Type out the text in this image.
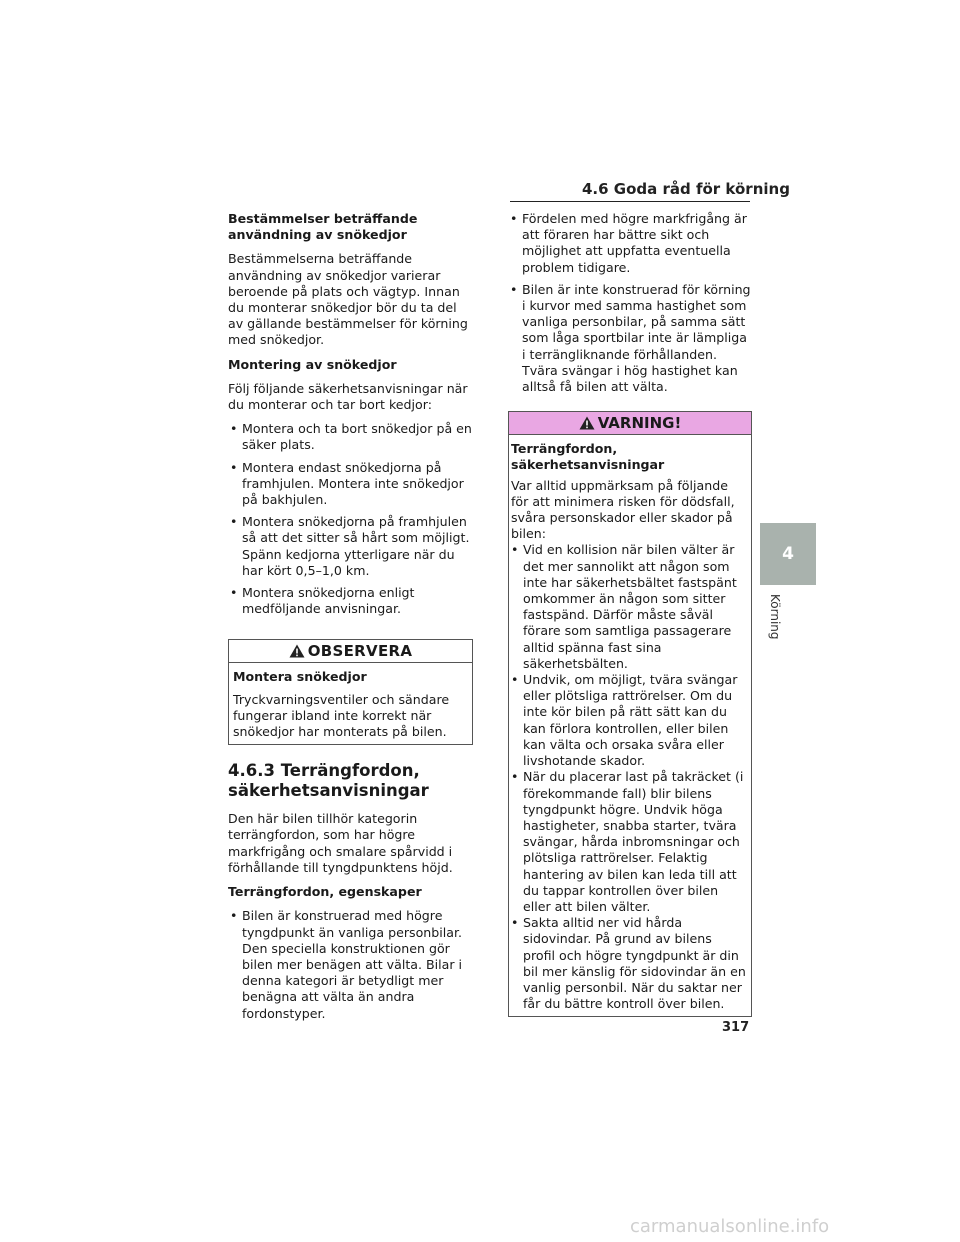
4.6 Goda råd för körning
Bestämmelser beträffande användning av snökedjor
Bestämmelserna beträffande användning av snökedjor varierar beroende på plats och vägtyp. Innan du monterar snökedjor bör du ta del av gällande bestämmelser för körning med snökedjor.
Montering av snökedjor
Följ följande säkerhetsanvisningar när du monterar och tar bort kedjor:
• Montera och ta bort snökedjor på en säker plats.
• Montera endast snökedjorna på framhjulen. Montera inte snökedjor på bakhjulen.
• Montera snökedjorna på framhjulen så att det sitter så hårt som möjligt. Spänn kedjorna ytterligare när du har kört 0,5–1,0 km.
• Montera snökedjorna enligt medföljande anvisningar.
OBSERVERA
Montera snökedjor
Tryckvarningsventiler och sändare fungerar ibland inte korrekt när snökedjor har monterats på bilen.
4.6.3 Terrängfordon, säkerhetsanvisningar
Den här bilen tillhör kategorin terrängfordon, som har högre markfrigång och smalare spårvidd i förhållande till tyngdpunktens höjd.
Terrängfordon, egenskaper
• Bilen är konstruerad med högre tyngdpunkt än vanliga personbilar. Den speciella konstruktionen gör bilen mer benägen att välta. Bilar i denna kategori är betydligt mer benägna att välta än andra fordonstyper.
• Fördelen med högre markfrigång är att föraren har bättre sikt och möjlighet att uppfatta eventuella problem tidigare.
• Bilen är inte konstruerad för körning i kurvor med samma hastighet som vanliga personbilar, på samma sätt som låga sportbilar inte är lämpliga i terrängliknande förhållanden. Tvära svängar i hög hastighet kan alltså få bilen att välta.
VARNING!
Terrängfordon, säkerhetsanvisningar
Var alltid uppmärksam på följande för att minimera risken för dödsfall, svåra personskador eller skador på bilen:
• Vid en kollision när bilen välter är det mer sannolikt att någon som inte har säkerhetsbältet fastspänt omkommer än någon som sitter fastspänd. Därför måste såväl förare som samtliga passagerare alltid spänna fast sina säkerhetsbälten.
• Undvik, om möjligt, tvära svängar eller plötsliga rattrörelser. Om du inte kör bilen på rätt sätt kan du kan förlora kontrollen, eller bilen kan välta och orsaka svåra eller livshotande skador.
• När du placerar last på takräcket (i förekommande fall) blir bilens tyngdpunkt högre. Undvik höga hastigheter, snabba starter, tvära svängar, hårda inbromsningar och plötsliga rattrörelser. Felaktig hantering av bilen kan leda till att du tappar kontrollen över bilen eller att bilen välter.
• Sakta alltid ner vid hårda sidovindar. På grund av bilens profil och högre tyngdpunkt är din bil mer känslig för sidovindar än en vanlig personbil. När du saktar ner får du bättre kontroll över bilen.
4
Körning
317
carmanualsonline.info
